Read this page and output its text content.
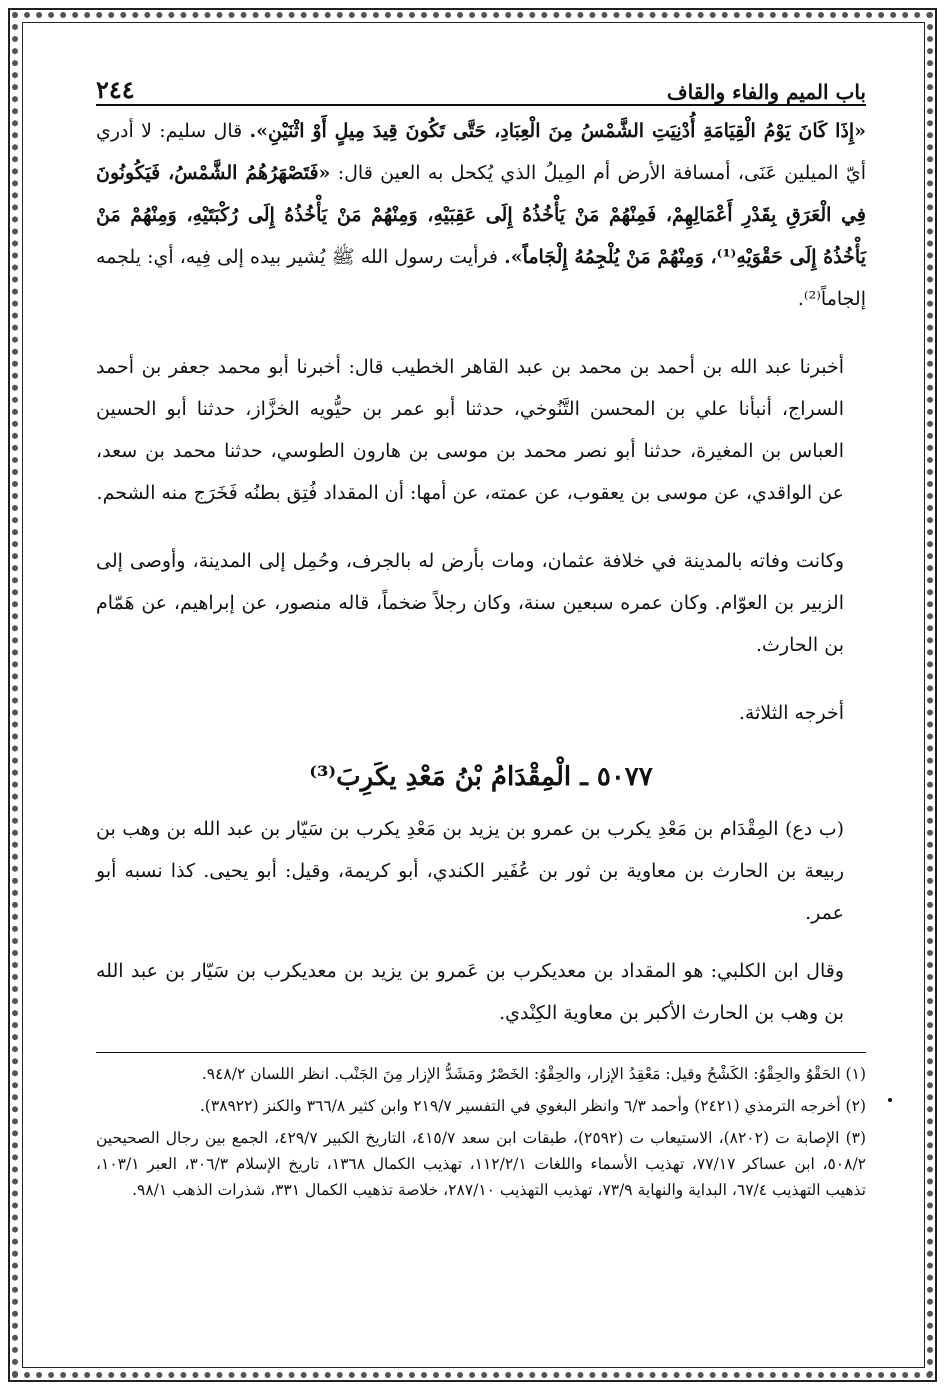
باب الميم والفاء والقاف
٢٤٤

«إِذَا كَانَ يَوْمُ الْقِيَامَةِ أُدْنِيَتِ الشَّمْسُ مِنَ الْعِبَادِ، حَتَّى تَكُونَ قِيدَ مِيلٍ أَوْ اثْنَيْنِ». قال سليم: لا أدري أيّ الميلين عَنَى، أمسافة الأرض أم المِيلُ الذي يُكحل به العين قال: «فَتَصْهَرُهُمُ الشَّمْسُ، فَيَكُونُونَ فِي الْعَرَقِ بِقَدْرِ أَعْمَالِهِمْ، فَمِنْهُمْ مَنْ يَأْخُذُهُ إِلَى عَقِبَيْهِ، وَمِنْهُمْ مَنْ يَأْخُذُهُ إِلَى رُكْبَتَيْهِ، وَمِنْهُمْ مَنْ يَأْخُذُهُ إِلَى حَقْوَيْهِ⁽¹⁾، وَمِنْهُمْ مَنْ يُلْجِمُهُ إِلْجَاماً». فرأيت رسول الله ﷺ يُشير بيده إلى فِيه، أي: يلجمه إلجاماً⁽²⁾.

أخبرنا عبد الله بن أحمد بن محمد بن عبد القاهر الخطيب قال: أخبرنا أبو محمد جعفر بن أحمد السراج، أنبأنا علي بن المحسن التَّنُوخي، حدثنا أبو عمر بن حيُّويه الخزَّاز، حدثنا أبو الحسين العباس بن المغيرة، حدثنا أبو نصر محمد بن موسى بن هارون الطوسي، حدثنا محمد بن سعد، عن الواقدي، عن موسى بن يعقوب، عن عمته، عن أمها: أن المقداد فُتِق بطنُه فَخَرَج منه الشحم.

وكانت وفاته بالمدينة في خلافة عثمان، ومات بأرض له بالجرف، وحُمِل إلى المدينة، وأوصى إلى الزبير بن العوّام. وكان عمره سبعين سنة، وكان رجلاً ضخماً، قاله منصور، عن إبراهيم، عن هَمّام بن الحارث.

أخرجه الثلاثة.

٥٠٧٧ ـ الْمِقْدَامُ بْنُ مَعْدِ يكَرِبَ⁽³⁾

(ب دع) المِقْدَام بن مَعْدِ يكرب بن عمرو بن يزيد بن مَعْدِ يكرب بن سَيّار بن عبد الله بن وهب بن ربيعة بن الحارث بن معاوية بن ثور بن عُفَير الكندي، أبو كريمة، وقيل: أبو يحيى. كذا نسبه أبو عمر.

وقال ابن الكلبي: هو المقداد بن معديكرب بن عَمرو بن يزيد بن معديكرب بن سَيّار بن عبد الله بن وهب بن الحارث الأكبر بن معاوية الكِنْدي.

(١) الحَقْوُ والحِقْوُ: الكَشْحُ وقيل: مَعْقِدُ الإزار، والحِقْوُ: الخَصْرُ ومَشَدُّ الإزار مِنَ الجَنْب. انظر اللسان ٩٤٨/٢.

(٢) أخرجه الترمذي (٢٤٢١) وأحمد ٦/٣ وانظر البغوي في التفسير ٢١٩/٧ وابن كثير ٣٦٦/٨ والكنز (٣٨٩٢٢).

(٣) الإصابة ت (٨٢٠٢)، الاستيعاب ت (٢٥٩٢)، طبقات ابن سعد ٤١٥/٧، التاريخ الكبير ٤٢٩/٧، الجمع بين رجال الصحيحين ٥٠٨/٢، ابن عساكر ٧٧/١٧، تهذيب الأسماء واللغات ١١٢/٢/١، تهذيب الكمال ١٣٦٨، تاريخ الإسلام ٣٠٦/٣، العبر ١٠٣/١، تذهيب التهذيب ٦٧/٤، البداية والنهاية ٧٣/٩، تهذيب التهذيب ٢٨٧/١٠، خلاصة تذهيب الكمال ٣٣١، شذرات الذهب ٩٨/١.
